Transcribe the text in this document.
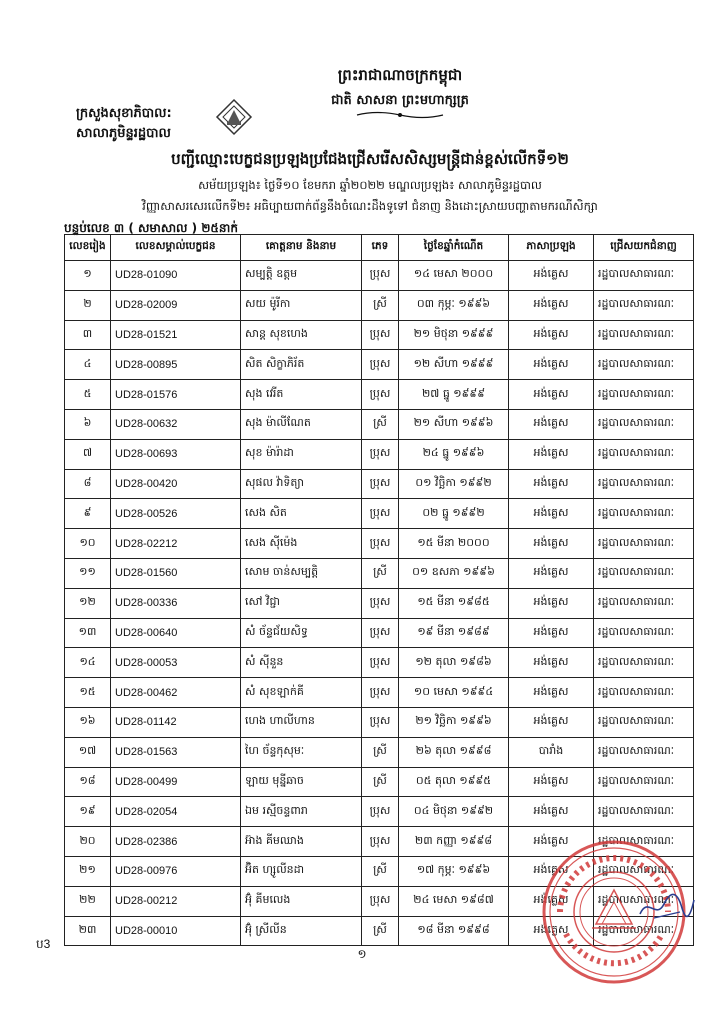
ព្រះរាជាណាចក្រកម្ពុជា
ជាតិ សាសនា ព្រះមហាក្សត្រ
ក្រសួងសុខាភិបាល:
សាលាភូមិន្ទរដ្ឋបាល
បញ្ជីឈ្មោះបេក្ខជនប្រឡងប្រជែងជ្រើសរើសសិស្សមន្ត្រីជាន់ខ្ពស់លើកទី១២
សម័យប្រឡង៖ ថ្ងៃទី១០ ខែមករា ឆ្នាំ២០២២ មណ្ឌលប្រឡង៖ សាលាភូមិន្ទរដ្ឋបាល
វិញ្ញាសាសរសេរលើកទី២៖ អធិប្បាយពាក់ព័ន្ធនឹងចំណេះដឹងទូទៅ ជំនាញ និងដោះស្រាយបញ្ហាតាមករណីសិក្សា
បន្ទប់លេខ ៣ ( សមាសាល ) ២៥នាក់
លេខរៀង	លេខសម្គាល់បេក្ខជន	គោត្តនាម និងនាម	ភេទ	ថ្ងៃខែឆ្នាំកំណើត	ភាសាប្រឡង	ជ្រើសយកជំនាញ
១	UD28-01090	សម្បត្តិ ឧត្តម	ប្រុស	១៤ មេសា ២០០០	អង់គ្លេស	រដ្ឋបាលសាធារណៈ
២	UD28-02009	សយ ម៉ូរីកា	ស្រី	០៣ កុម្ភៈ ១៩៩៦	អង់គ្លេស	រដ្ឋបាលសាធារណៈ
៣	UD28-01521	សាន្ត សុខហេង	ប្រុស	២១ មិថុនា ១៩៩៩	អង់គ្លេស	រដ្ឋបាលសាធារណៈ
៤	UD28-00895	សិត សិក្ខាភិរ័ត	ប្រុស	១២ សីហា ១៩៩៩	អង់គ្លេស	រដ្ឋបាលសាធារណៈ
៥	UD28-01576	សុង វេរីត	ប្រុស	២៧ ធ្នូ ១៩៩៩	អង់គ្លេស	រដ្ឋបាលសាធារណៈ
៦	UD28-00632	សុង ម៉ាលីណែត	ស្រី	២១ សីហា ១៩៩៦	អង់គ្លេស	រដ្ឋបាលសាធារណៈ
៧	UD28-00693	សុខ ម៉ារ៉ាដា	ប្រុស	២៤ ធ្នូ ១៩៩៦	អង់គ្លេស	រដ្ឋបាលសាធារណៈ
៨	UD28-00420	សុផល វ៉ាទិត្យា	ប្រុស	០១ វិច្ឆិកា ១៩៩២	អង់គ្លេស	រដ្ឋបាលសាធារណៈ
៩	UD28-00526	សេង សិត	ប្រុស	០២ ធ្នូ ១៩៩២	អង់គ្លេស	រដ្ឋបាលសាធារណៈ
១០	UD28-02212	សេង ស៊ីម៉េង	ប្រុស	១៥ មីនា ២០០០	អង់គ្លេស	រដ្ឋបាលសាធារណៈ
១១	UD28-01560	សោម ចាន់សម្បត្តិ	ស្រី	០១ ឧសភា ១៩៩៦	អង់គ្លេស	រដ្ឋបាលសាធារណៈ
១២	UD28-00336	សៅ វិជ្ជា	ប្រុស	១៥ មីនា ១៩៨៥	អង់គ្លេស	រដ្ឋបាលសាធារណៈ
១៣	UD28-00640	សំ ច័ន្ទជ័យសិទ្ធ	ប្រុស	១៩ មីនា ១៩៨៩	អង់គ្លេស	រដ្ឋបាលសាធារណៈ
១៤	UD28-00053	សំ ស៊ីនួន	ប្រុស	១២ តុលា ១៩៨៦	អង់គ្លេស	រដ្ឋបាលសាធារណៈ
១៥	UD28-00462	សំ សុខឡាក់គី	ប្រុស	១០ មេសា ១៩៩៤	អង់គ្លេស	រដ្ឋបាលសាធារណៈ
១៦	UD28-01142	ហេង ហាលីហាន	ប្រុស	២១ វិច្ឆិកា ១៩៩៦	អង់គ្លេស	រដ្ឋបាលសាធារណៈ
១៧	UD28-01563	ហៃ ច័ន្ទកុសុមៈ	ស្រី	២៦ តុលា ១៩៩៨	បារាំង	រដ្ឋបាលសាធារណៈ
១៨	UD28-00499	ឡាយ មុន្នីឆាច	ស្រី	០៥ តុលា ១៩៩៥	អង់គ្លេស	រដ្ឋបាលសាធារណៈ
១៩	UD28-02054	ឯម រស្មីចន្ទពារា	ប្រុស	០៤ មិថុនា ១៩៩២	អង់គ្លេស	រដ្ឋបាលសាធារណៈ
២០	UD28-02386	អ៊ាង គីមឈាង	ប្រុស	២៣ កញ្ញា ១៩៩៨	អង់គ្លេស	រដ្ឋបាលសាធារណៈ
២១	UD28-00976	អ៊ិត ហ្សូលីនដា	ស្រី	១៧ កុម្ភៈ ១៩៩៦	អង់គ្លេស	រដ្ឋបាលសាធារណៈ
២២	UD28-00212	អ៊ុំ គីមលេង	ប្រុស	២៤ មេសា ១៩៨៧	អង់គ្លេស	រដ្ឋបាលសាធារណៈ
២៣	UD28-00010	អ៊ុំ ស្រីលីន	ស្រី	១៨ មីនា ១៩៩៨	អង់គ្លេស	រដ្ឋបាលសាធារណៈ
ប3
១
